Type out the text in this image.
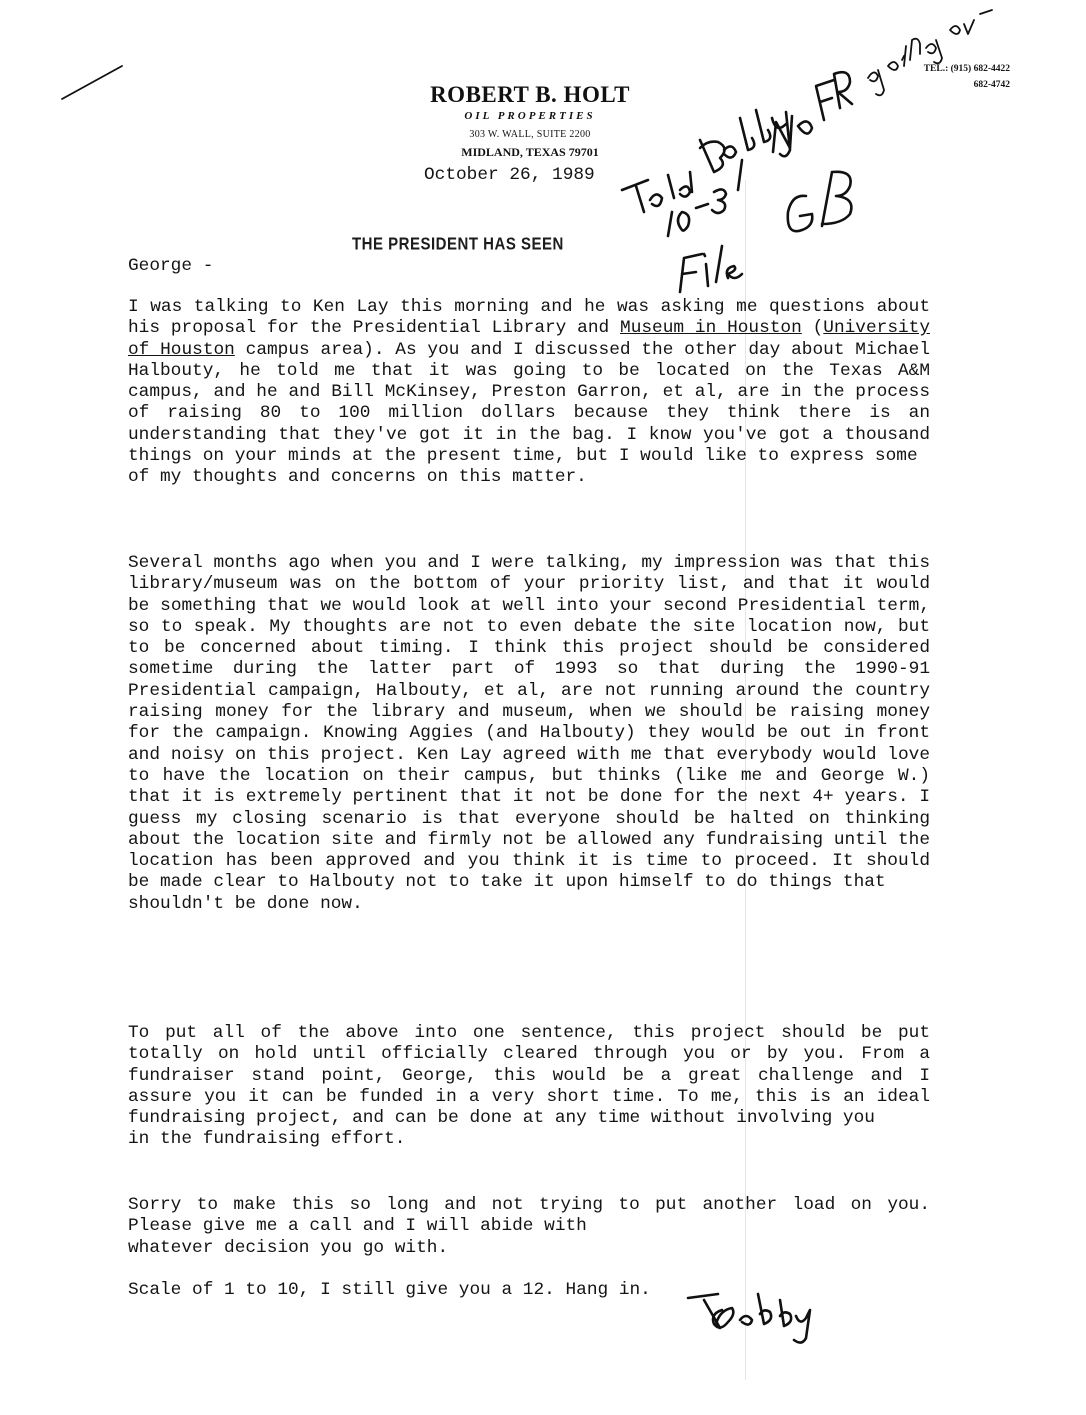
ROBERT B. HOLT
OIL PROPERTIES
303 W. WALL, SUITE 2200
MIDLAND, TEXAS 79701
TEL.: (915) 682-4422
682-4742
October 26, 1989
THE PRESIDENT HAS SEEN
George -

I was talking to Ken Lay this morning and he was asking me questions about his proposal for the Presidential Library and Museum in Houston (University of Houston campus area). As you and I discussed the other day about Michael Halbouty, he told me that it was going to be located on the Texas A&M campus, and he and Bill McKinsey, Preston Garron, et al, are in the process of raising 80 to 100 million dollars because they think there is an understanding that they've got it in the bag. I know you've got a thousand things on your minds at the present time, but I would like to express some
of my thoughts and concerns on this matter.

Several months ago when you and I were talking, my impression was that this library/museum was on the bottom of your priority list, and that it would be something that we would look at well into your second Presidential term, so to speak. My thoughts are not to even debate the site location now, but to be concerned about timing. I think this project should be considered sometime during the latter part of 1993 so that during the 1990-91 Presidential campaign, Halbouty, et al, are not running around the country raising money for the library and museum, when we should be raising money for the campaign. Knowing Aggies (and Halbouty) they would be out in front and noisy on this project. Ken Lay agreed with me that everybody would love to have the location on their campus, but thinks (like me and George W.) that it is extremely pertinent that it not be done for the next 4+ years. I guess my closing scenario is that everyone should be halted on thinking about the location site and firmly not be allowed any fundraising until the location has been approved and you think it is time to proceed. It should be made clear to Halbouty not to take it upon himself to do things that
shouldn't be done now.

To put all of the above into one sentence, this project should be put totally on hold until officially cleared through you or by you. From a fundraiser stand point, George, this would be a great challenge and I assure you it can be funded in a very short time. To me, this is an ideal fundraising project, and can be done at any time without involving you
in the fundraising effort.

Sorry to make this so long and not trying to put another load on you. Please give me a call and I will abide with
whatever decision you go with.

Scale of 1 to 10, I still give you a 12. Hang in.
